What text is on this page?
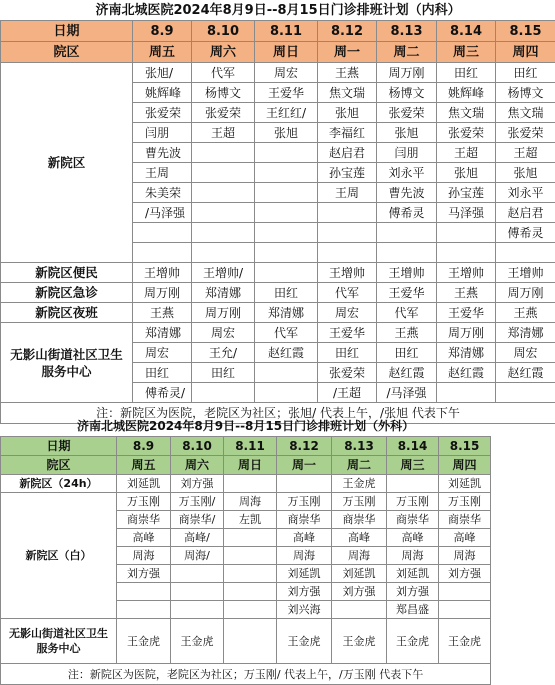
济南北城医院2024年8月9日--8月15日门诊排班计划（内科）							
日期	8.9	8.10	8.11	8.12	8.13	8.14	8.15
院区	周五	周六	周日	周一	周二	周三	周四
新院区	张旭/	代军	周宏	王燕	周万刚	田红	田红
	姚辉峰	杨博文	王爱华	焦文瑞	杨博文	姚辉峰	杨博文
	张爱荣	张爱荣	王红红/	张旭	张爱荣	焦文瑞	焦文瑞
	闫朋	王超	张旭	李福红	张旭	张爱荣	张爱荣
	曹先波			赵启君	闫朋	王超	王超
	王周			孙宝莲	刘永平	张旭	张旭
	朱美荣			王周	曹先波	孙宝莲	刘永平
	/马泽强				傅希灵	马泽强	赵启君
							傅希灵

新院区便民	王增帅	王增帅/		王增帅	王增帅	王增帅	王增帅
新院区急诊	周万刚	郑清娜	田红	代军	王爱华	王燕	周万刚
新院区夜班	王燕	周万刚	郑清娜	周宏	代军	王爱华	王燕
无影山街道社区卫生服务中心	郑清娜	周宏	代军	王爱华	王燕	周万刚	郑清娜
	周宏	王允/	赵红霞	田红	田红	郑清娜	周宏
	田红	田红		张爱荣	赵红霞	赵红霞	赵红霞
	傅希灵/			/王超	/马泽强		
注：新院区为医院，老院区为社区；张旭/ 代表上午，/张旭 代表下午							
济南北城医院2024年8月9日--8月15日门诊排班计划（外科）							
日期	8.9	8.10	8.11	8.12	8.13	8.14	8.15
院区	周五	周六	周日	周一	周二	周三	周四
新院区（24h）	刘延凯	刘方强			王金虎		刘延凯
新院区（白）	万玉刚	万玉刚/	周海	万玉刚	万玉刚	万玉刚	万玉刚
	商崇华	商崇华/	左凯	商崇华	商崇华	商崇华	商崇华
	高峰	高峰/		高峰	高峰	高峰	高峰
	周海	周海/		周海	周海	周海	周海
	刘方强			刘延凯	刘延凯	刘延凯	刘方强
				刘方强	刘方强	刘方强	
				刘兴海		郑昌盛	
无影山街道社区卫生服务中心	王金虎	王金虎		王金虎	王金虎	王金虎	王金虎
注：新院区为医院，老院区为社区；万玉刚/ 代表上午，/万玉刚 代表下午							
